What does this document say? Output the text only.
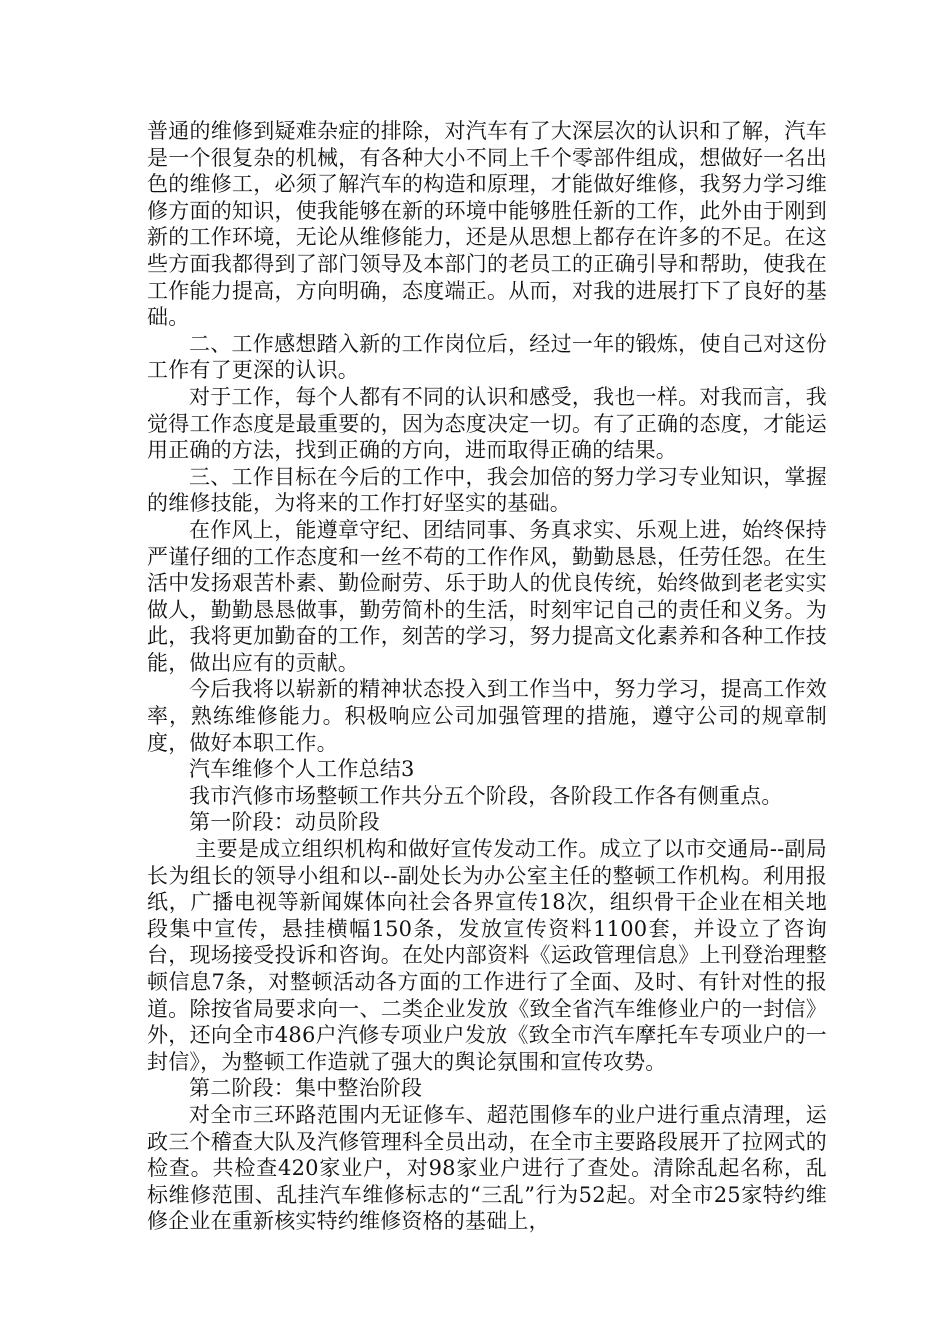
普通的维修到疑难杂症的排除，对汽车有了大深层次的认识和了解，汽车是一个很复杂的机械，有各种大小不同上千个零部件组成，想做好一名出色的维修工，必须了解汽车的构造和原理，才能做好维修，我努力学习维修方面的知识，使我能够在新的环境中能够胜任新的工作，此外由于刚到新的工作环境，无论从维修能力，还是从思想上都存在许多的不足。在这些方面我都得到了部门领导及本部门的老员工的正确引导和帮助，使我在工作能力提高，方向明确，态度端正。从而，对我的进展打下了良好的基础。

二、工作感想踏入新的工作岗位后，经过一年的锻炼，使自己对这份工作有了更深的认识。

对于工作，每个人都有不同的认识和感受，我也一样。对我而言，我觉得工作态度是最重要的，因为态度决定一切。有了正确的态度，才能运用正确的方法，找到正确的方向，进而取得正确的结果。

三、工作目标在今后的工作中，我会加倍的努力学习专业知识，掌握的维修技能，为将来的工作打好坚实的基础。

在作风上，能遵章守纪、团结同事、务真求实、乐观上进，始终保持严谨仔细的工作态度和一丝不苟的工作作风，勤勤恳恳，任劳任怨。在生活中发扬艰苦朴素、勤俭耐劳、乐于助人的优良传统，始终做到老老实实做人，勤勤恳恳做事，勤劳简朴的生活，时刻牢记自己的责任和义务。为此，我将更加勤奋的工作，刻苦的学习，努力提高文化素养和各种工作技能，做出应有的贡献。

今后我将以崭新的精神状态投入到工作当中，努力学习，提高工作效率，熟练维修能力。积极响应公司加强管理的措施，遵守公司的规章制度，做好本职工作。

汽车维修个人工作总结3

我市汽修市场整顿工作共分五个阶段，各阶段工作各有侧重点。

第一阶段：动员阶段

主要是成立组织机构和做好宣传发动工作。成立了以市交通局--副局长为组长的领导小组和以--副处长为办公室主任的整顿工作机构。利用报纸，广播电视等新闻媒体向社会各界宣传18次，组织骨干企业在相关地段集中宣传，悬挂横幅150条，发放宣传资料1100套，并设立了咨询台，现场接受投诉和咨询。在处内部资料《运政管理信息》上刊登治理整顿信息7条，对整顿活动各方面的工作进行了全面、及时、有针对性的报道。除按省局要求向一、二类企业发放《致全省汽车维修业户的一封信》外，还向全市486户汽修专项业户发放《致全市汽车摩托车专项业户的一封信》，为整顿工作造就了强大的舆论氛围和宣传攻势。

第二阶段：集中整治阶段

对全市三环路范围内无证修车、超范围修车的业户进行重点清理，运政三个稽查大队及汽修管理科全员出动，在全市主要路段展开了拉网式的检查。共检查420家业户，对98家业户进行了查处。清除乱起名称，乱标维修范围、乱挂汽车维修标志的“三乱”行为52起。对全市25家特约维修企业在重新核实特约维修资格的基础上，
